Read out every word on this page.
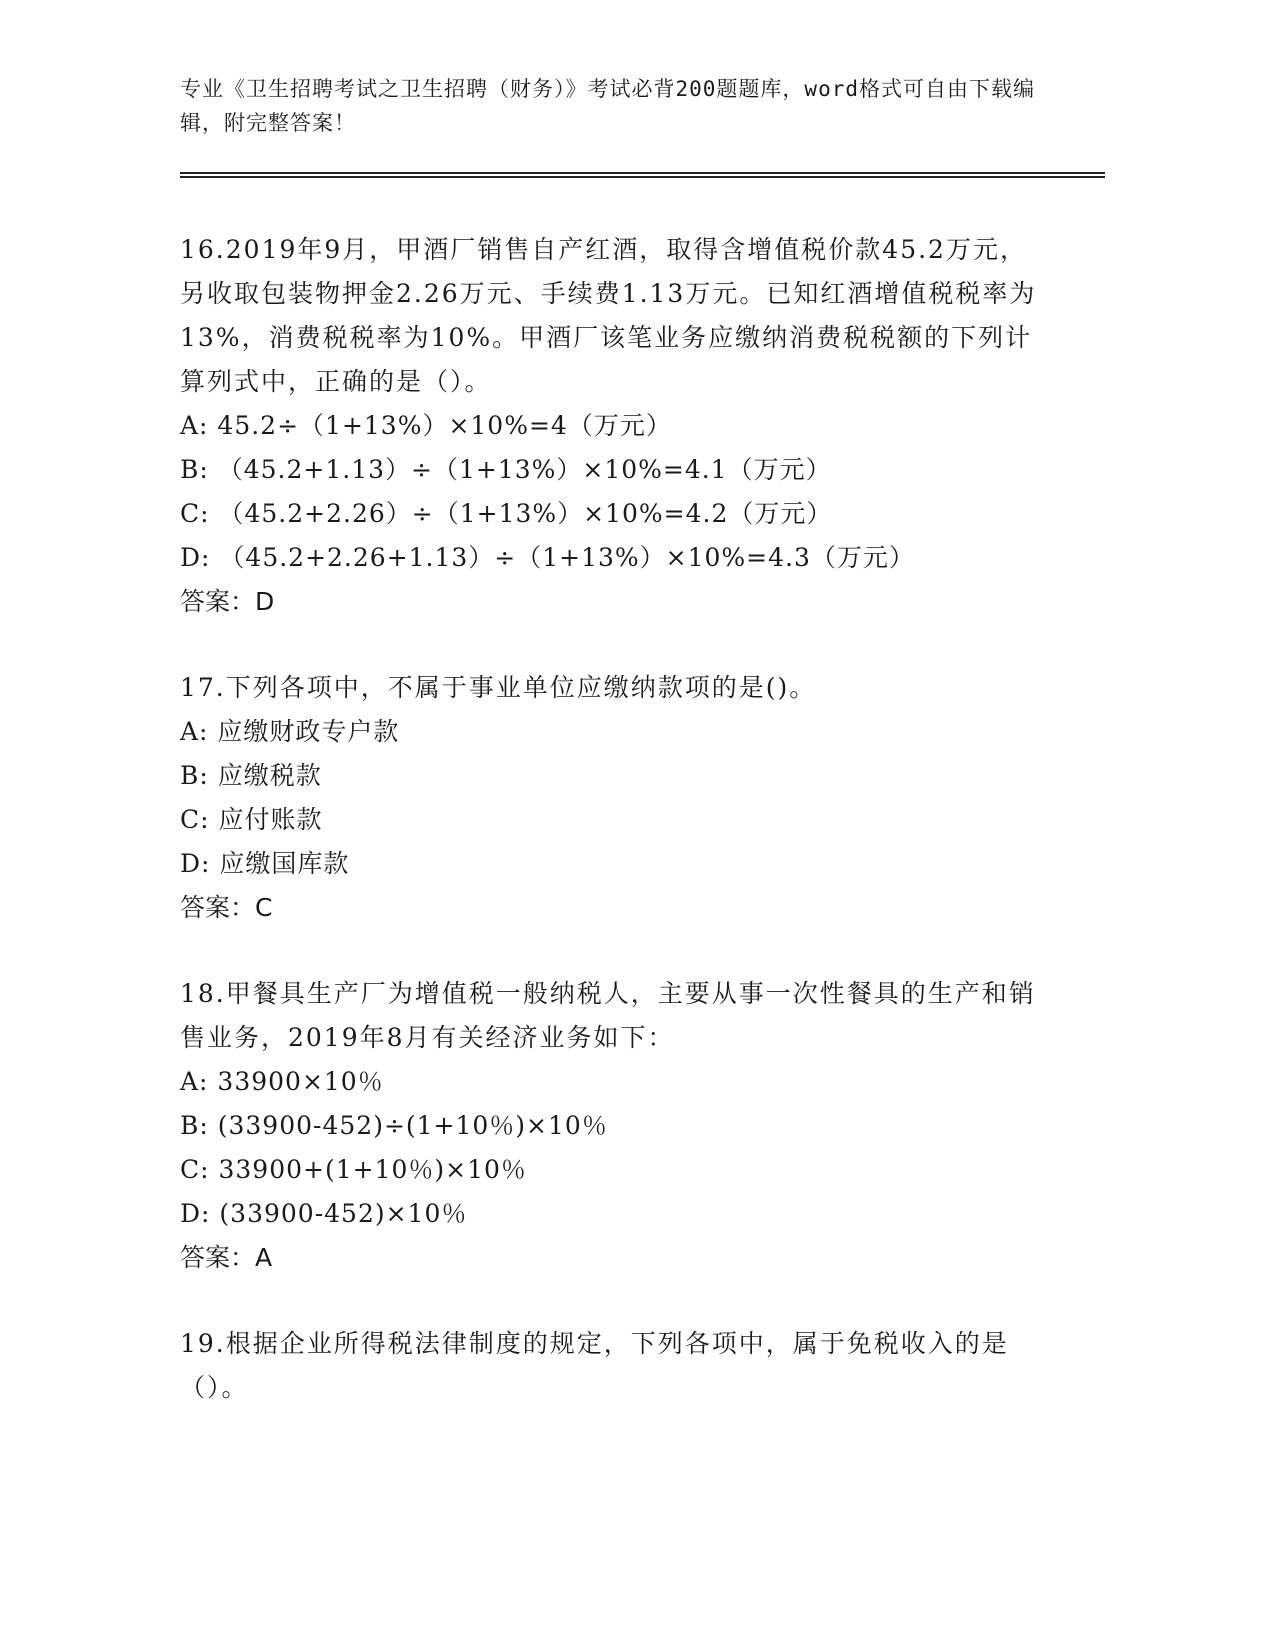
专业《卫生招聘考试之卫生招聘（财务）》考试必背200题题库，word格式可自由下载编辑，附完整答案！

16.2019年9月，甲酒厂销售自产红酒，取得含增值税价款45.2万元，另收取包装物押金2.26万元、手续费1.13万元。已知红酒增值税税率为13%，消费税税率为10%。甲酒厂该笔业务应缴纳消费税税额的下列计算列式中，正确的是（）。

A: 45.2÷（1+13%）×10%=4（万元）

B: （45.2+1.13）÷（1+13%）×10%=4.1（万元）

C: （45.2+2.26）÷（1+13%）×10%=4.2（万元）

D: （45.2+2.26+1.13）÷（1+13%）×10%=4.3（万元）

答案：D

17.下列各项中，不属于事业单位应缴纳款项的是()。

A: 应缴财政专户款

B: 应缴税款

C: 应付账款

D: 应缴国库款

答案：C

18.甲餐具生产厂为增值税一般纳税人，主要从事一次性餐具的生产和销售业务，2019年8月有关经济业务如下：

A: 33900×10％

B: (33900-452)÷(1+10％)×10％

C: 33900+(1+10％)×10％

D: (33900-452)×10％

答案：A

19.根据企业所得税法律制度的规定，下列各项中，属于免税收入的是（）。
